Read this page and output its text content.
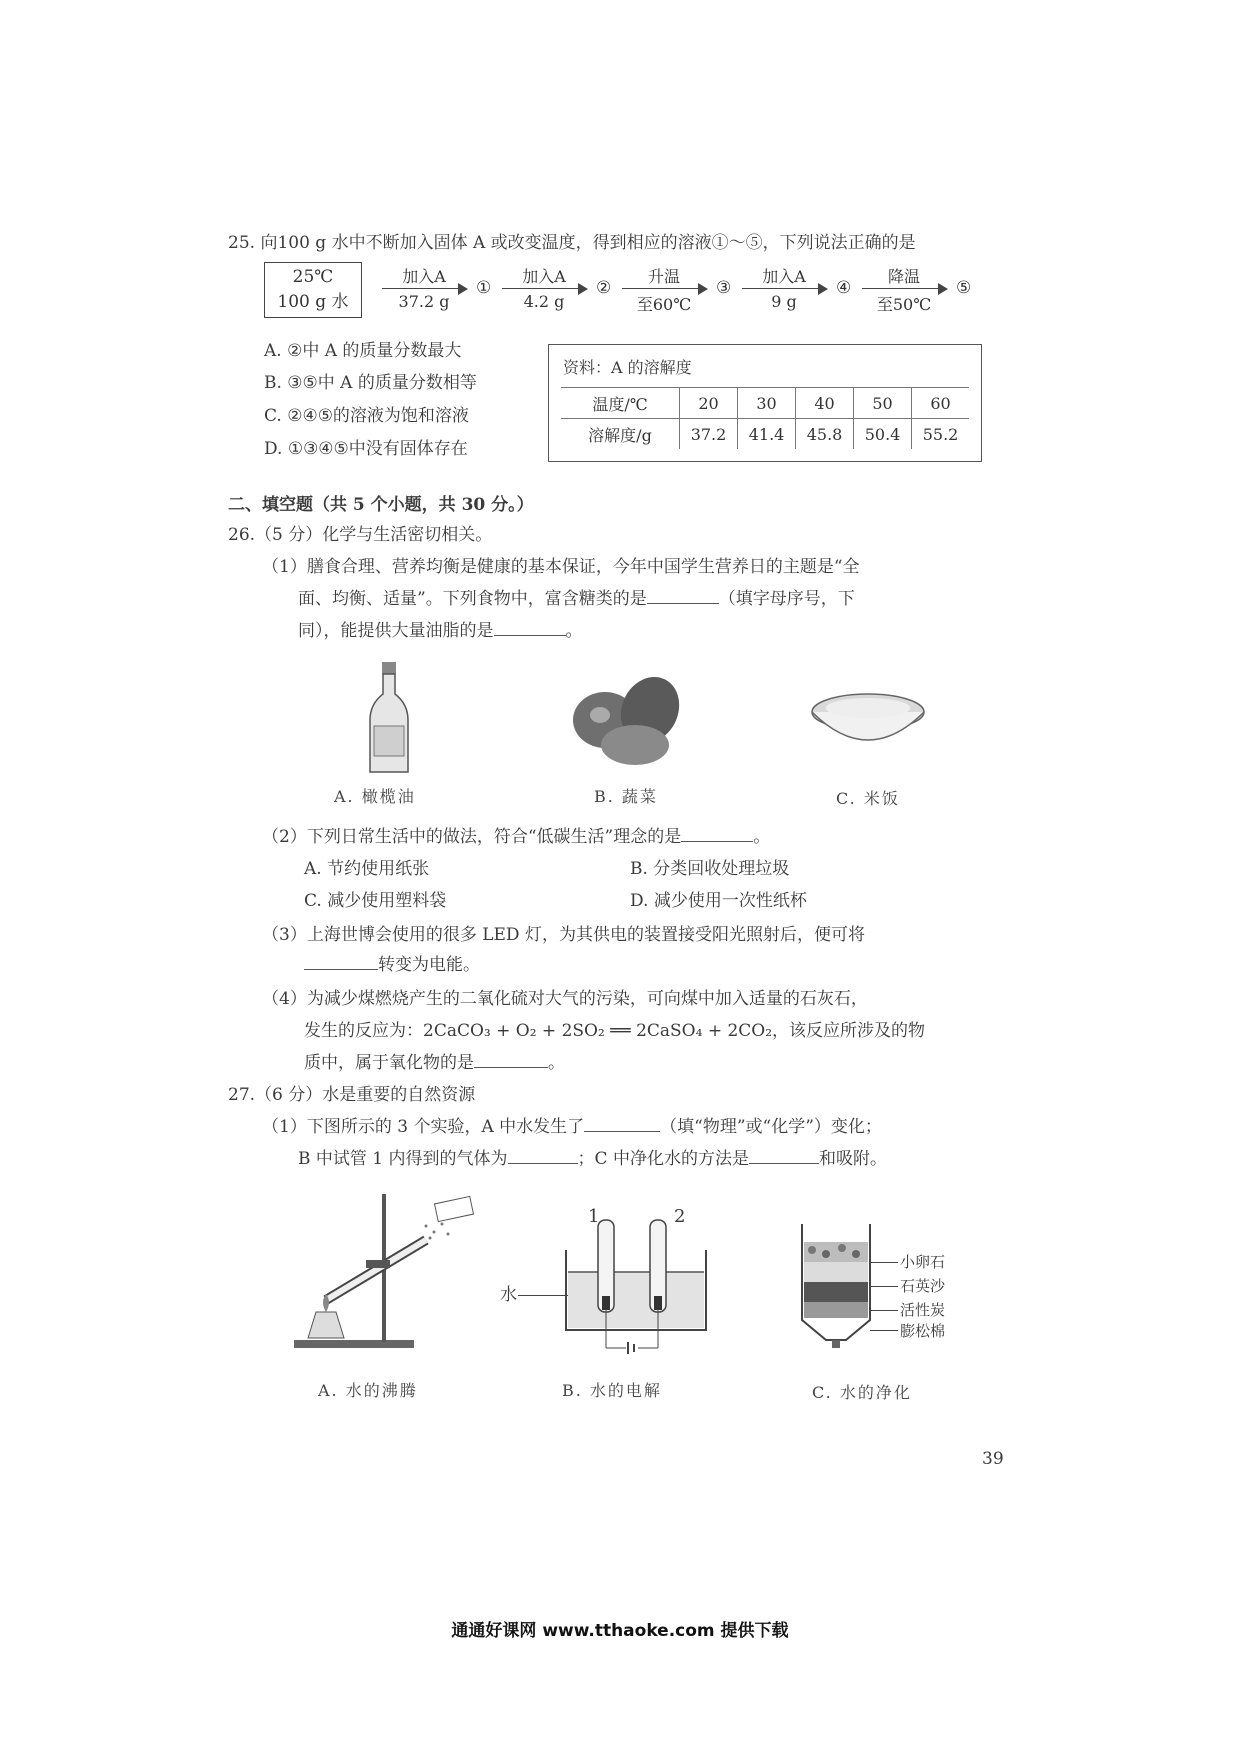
25. 向100 g 水中不断加入固体 A 或改变温度，得到相应的溶液①～⑤，下列说法正确的是
25℃
100 g 水
加入A
37.2 g
①
加入A
4.2 g
②
升温
至60℃
③
加入A
9 g
④
降温
至50℃
⑤
A. ②中 A 的质量分数最大
B. ③⑤中 A 的质量分数相等
C. ②④⑤的溶液为饱和溶液
D. ①③④⑤中没有固体存在
资料：A 的溶解度
温度/℃	20	30	40	50	60
溶解度/g	37.2	41.4	45.8	50.4	55.2
二、填空题（共 5 个小题，共 30 分。）
26.（5 分）化学与生活密切相关。
（1）膳食合理、营养均衡是健康的基本保证，今年中国学生营养日的主题是“全
面、均衡、适量”。下列食物中，富含糖类的是	（填字母序号，下
同），能提供大量油脂的是	。
A. 橄榄油	B. 蔬菜	C. 米饭
（2）下列日常生活中的做法，符合“低碳生活”理念的是	。
A. 节约使用纸张	B. 分类回收处理垃圾
C. 减少使用塑料袋	D. 减少使用一次性纸杯
（3）上海世博会使用的很多 LED 灯，为其供电的装置接受阳光照射后，便可将
转变为电能。
（4）为减少煤燃烧产生的二氧化硫对大气的污染，可向煤中加入适量的石灰石，
发生的反应为：2CaCO₃ + O₂ + 2SO₂ ══ 2CaSO₄ + 2CO₂，该反应所涉及的物
质中，属于氧化物的是	。
27.（6 分）水是重要的自然资源
（1）下图所示的 3 个实验，A 中水发生了	（填“物理”或“化学”）变化；
B 中试管 1 内得到的气体为	；C 中净化水的方法是	和吸附。
1	2
水
小卵石
石英沙
活性炭
膨松棉
A. 水的沸腾	B. 水的电解	C. 水的净化
39
通通好课网 www.tthaoke.com 提供下载
